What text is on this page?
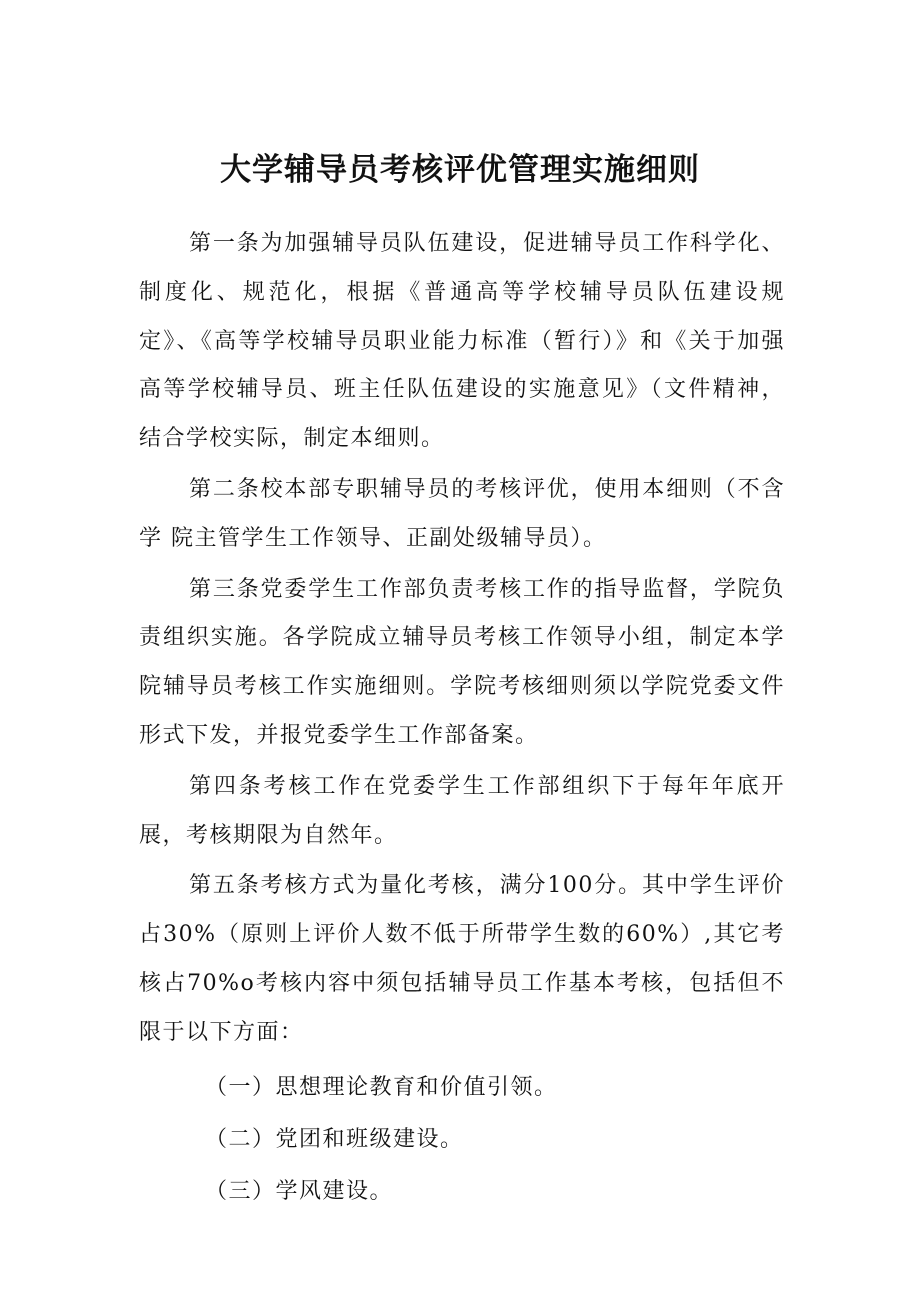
大学辅导员考核评优管理实施细则

第一条为加强辅导员队伍建设，促进辅导员工作科学化、制度化、规范化，根据《普通高等学校辅导员队伍建设规定》、《高等学校辅导员职业能力标准（暂行）》和《关于加强高等学校辅导员、班主任队伍建设的实施意见》（文件精神，结合学校实际，制定本细则。

第二条校本部专职辅导员的考核评优，使用本细则（不含学 院主管学生工作领导、正副处级辅导员）。

第三条党委学生工作部负责考核工作的指导监督，学院负责组织实施。各学院成立辅导员考核工作领导小组，制定本学院辅导员考核工作实施细则。学院考核细则须以学院党委文件形式下发，并报党委学生工作部备案。

第四条考核工作在党委学生工作部组织下于每年年底开展，考核期限为自然年。

第五条考核方式为量化考核，满分100分。其中学生评价占30%（原则上评价人数不低于所带学生数的60%）,其它考核占70%o考核内容中须包括辅导员工作基本考核，包括但不限于以下方面：

（一）思想理论教育和价值引领。

（二）党团和班级建设。

（三）学风建设。
